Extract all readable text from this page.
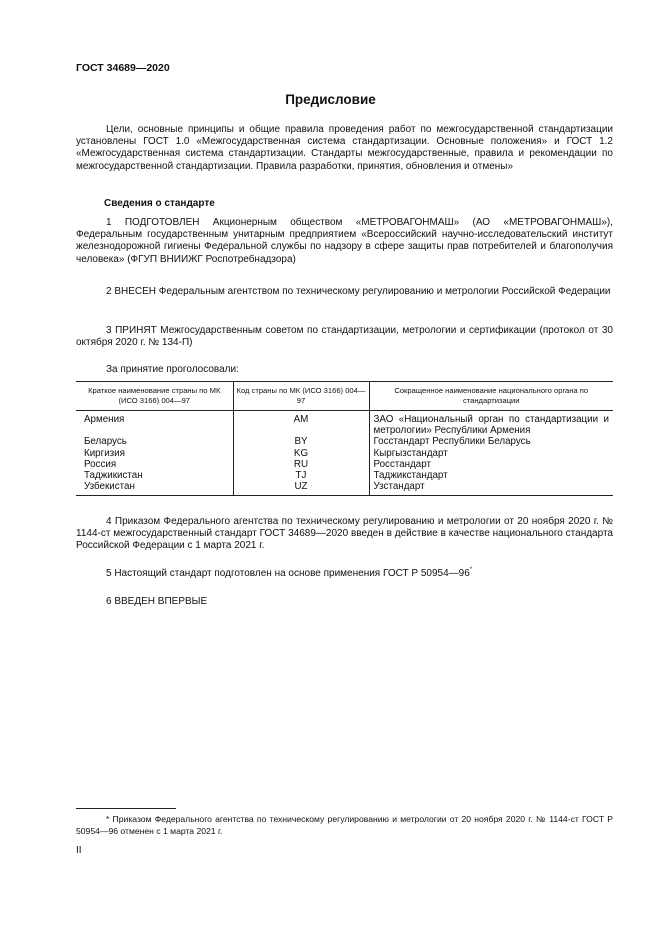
ГОСТ 34689—2020
Предисловие

Цели, основные принципы и общие правила проведения работ по межгосударственной стандартизации установлены ГОСТ 1.0 «Межгосударственная система стандартизации. Основные положения» и ГОСТ 1.2 «Межгосударственная система стандартизации. Стандарты межгосударственные, правила и рекомендации по межгосударственной стандартизации. Правила разработки, принятия, обновления и отмены»

Сведения о стандарте

1 ПОДГОТОВЛЕН Акционерным обществом «МЕТРОВАГОНМАШ» (АО «МЕТРОВАГОНМАШ»), Федеральным государственным унитарным предприятием «Всероссийский научно-исследовательский институт железнодорожной гигиены Федеральной службы по надзору в сфере защиты прав потребителей и благополучия человека» (ФГУП ВНИИЖГ Роспотребнадзора)

2 ВНЕСЕН Федеральным агентством по техническому регулированию и метрологии Российской Федерации

3 ПРИНЯТ Межгосударственным советом по стандартизации, метрологии и сертификации (протокол от 30 октября 2020 г. № 134-П)

За принятие проголосовали:
Краткое наименование страны по МК (ИСО 3166) 004—97	Код страны по МК (ИСО 3166) 004—97	Сокращенное наименование национального органа по стандартизации
Армения	AM	ЗАО «Национальный орган по стандартизации и метрологии» Республики Армения
Беларусь	BY	Госстандарт Республики Беларусь
Киргизия	KG	Кыргызстандарт
Россия	RU	Росстандарт
Таджикистан	TJ	Таджикстандарт
Узбекистан	UZ	Узстандарт

4 Приказом Федерального агентства по техническому регулированию и метрологии от 20 ноября 2020 г. № 1144-ст межгосударственный стандарт ГОСТ 34689—2020 введен в действие в качестве национального стандарта Российской Федерации с 1 марта 2021 г.

5 Настоящий стандарт подготовлен на основе применения ГОСТ Р 50954—96*

6 ВВЕДЕН ВПЕРВЫЕ

* Приказом Федерального агентства по техническому регулированию и метрологии от 20 ноября 2020 г. № 1144-ст ГОСТ Р 50954—96 отменен с 1 марта 2021 г.

II
